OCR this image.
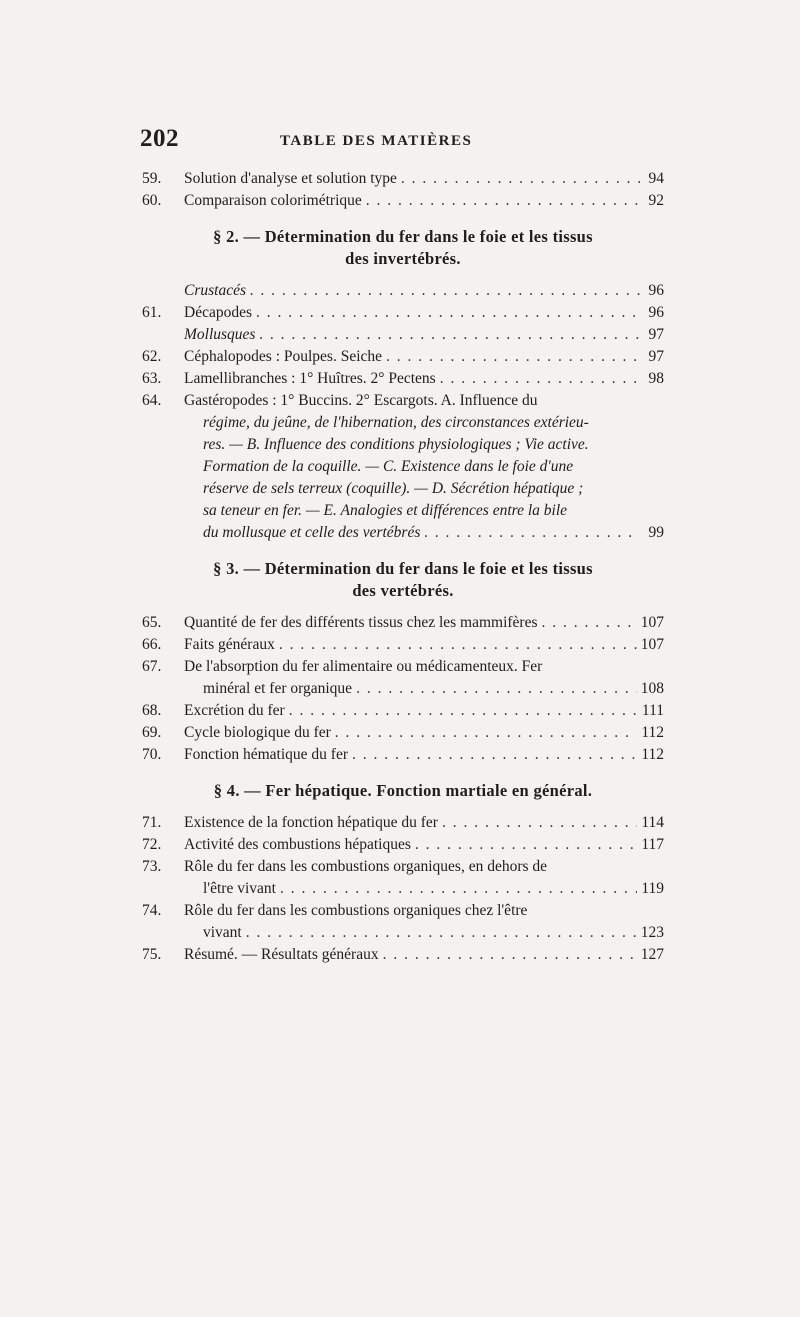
202	TABLE DES MATIÈRES
59.	Solution d'analyse et solution type . . .	94
60.	Comparaison colorimétrique . . .	92
§ 2. — Détermination du fer dans le foie et les tissus
des invertébrés.
Crustacés . . .	96
61.	Décapodes . . .	96
Mollusques . . .	97
62.	Céphalopodes : Poulpes. Seiche . . .	97
63.	Lamellibranches : 1° Huîtres. 2° Pectens . . .	98
64.	Gastéropodes : 1° Buccins. 2° Escargots. A. Influence du
régime, du jeûne, de l'hibernation, des circonstances extérieu-
res. — B. Influence des conditions physiologiques ; Vie active.
Formation de la coquille. — C. Existence dans le foie d'une
réserve de sels terreux (coquille). — D. Sécrétion hépatique ;
sa teneur en fer. — E. Analogies et différences entre la bile
du mollusque et celle des vertébrés . . .	99
§ 3. — Détermination du fer dans le foie et les tissus
des vertébrés.
65.	Quantité de fer des différents tissus chez les mammifères . . .	107
66.	Faits généraux . . .	107
67.	De l'absorption du fer alimentaire ou médicamenteux. Fer
minéral et fer organique . . .	108
68.	Excrétion du fer . . .	111
69.	Cycle biologique du fer . . .	112
70.	Fonction hématique du fer . . .	112
§ 4. — Fer hépatique. Fonction martiale en général.
71.	Existence de la fonction hépatique du fer . . .	114
72.	Activité des combustions hépatiques . . .	117
73.	Rôle du fer dans les combustions organiques, en dehors de
l'être vivant . . .	119
74.	Rôle du fer dans les combustions organiques chez l'être
vivant . . .	123
75.	Résumé. — Résultats généraux . . .	127
